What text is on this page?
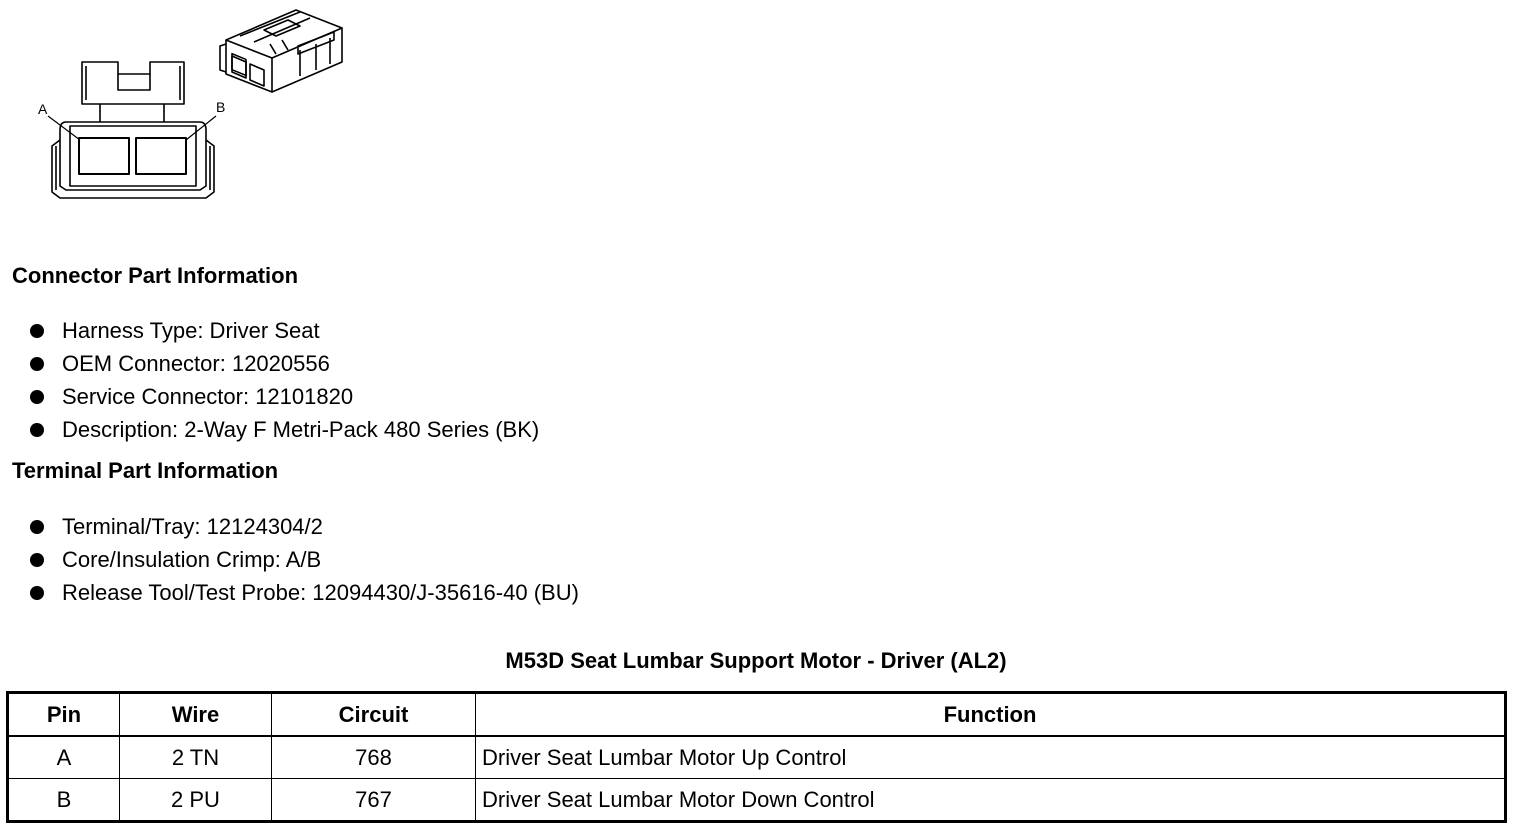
A	B
Connector Part Information
Harness Type: Driver Seat
OEM Connector: 12020556
Service Connector: 12101820
Description: 2-Way F Metri-Pack 480 Series (BK)
Terminal Part Information
Terminal/Tray: 12124304/2
Core/Insulation Crimp: A/B
Release Tool/Test Probe: 12094430/J-35616-40 (BU)
M53D Seat Lumbar Support Motor - Driver (AL2)
Pin	Wire	Circuit	Function
A	2 TN	768	Driver Seat Lumbar Motor Up Control
B	2 PU	767	Driver Seat Lumbar Motor Down Control
